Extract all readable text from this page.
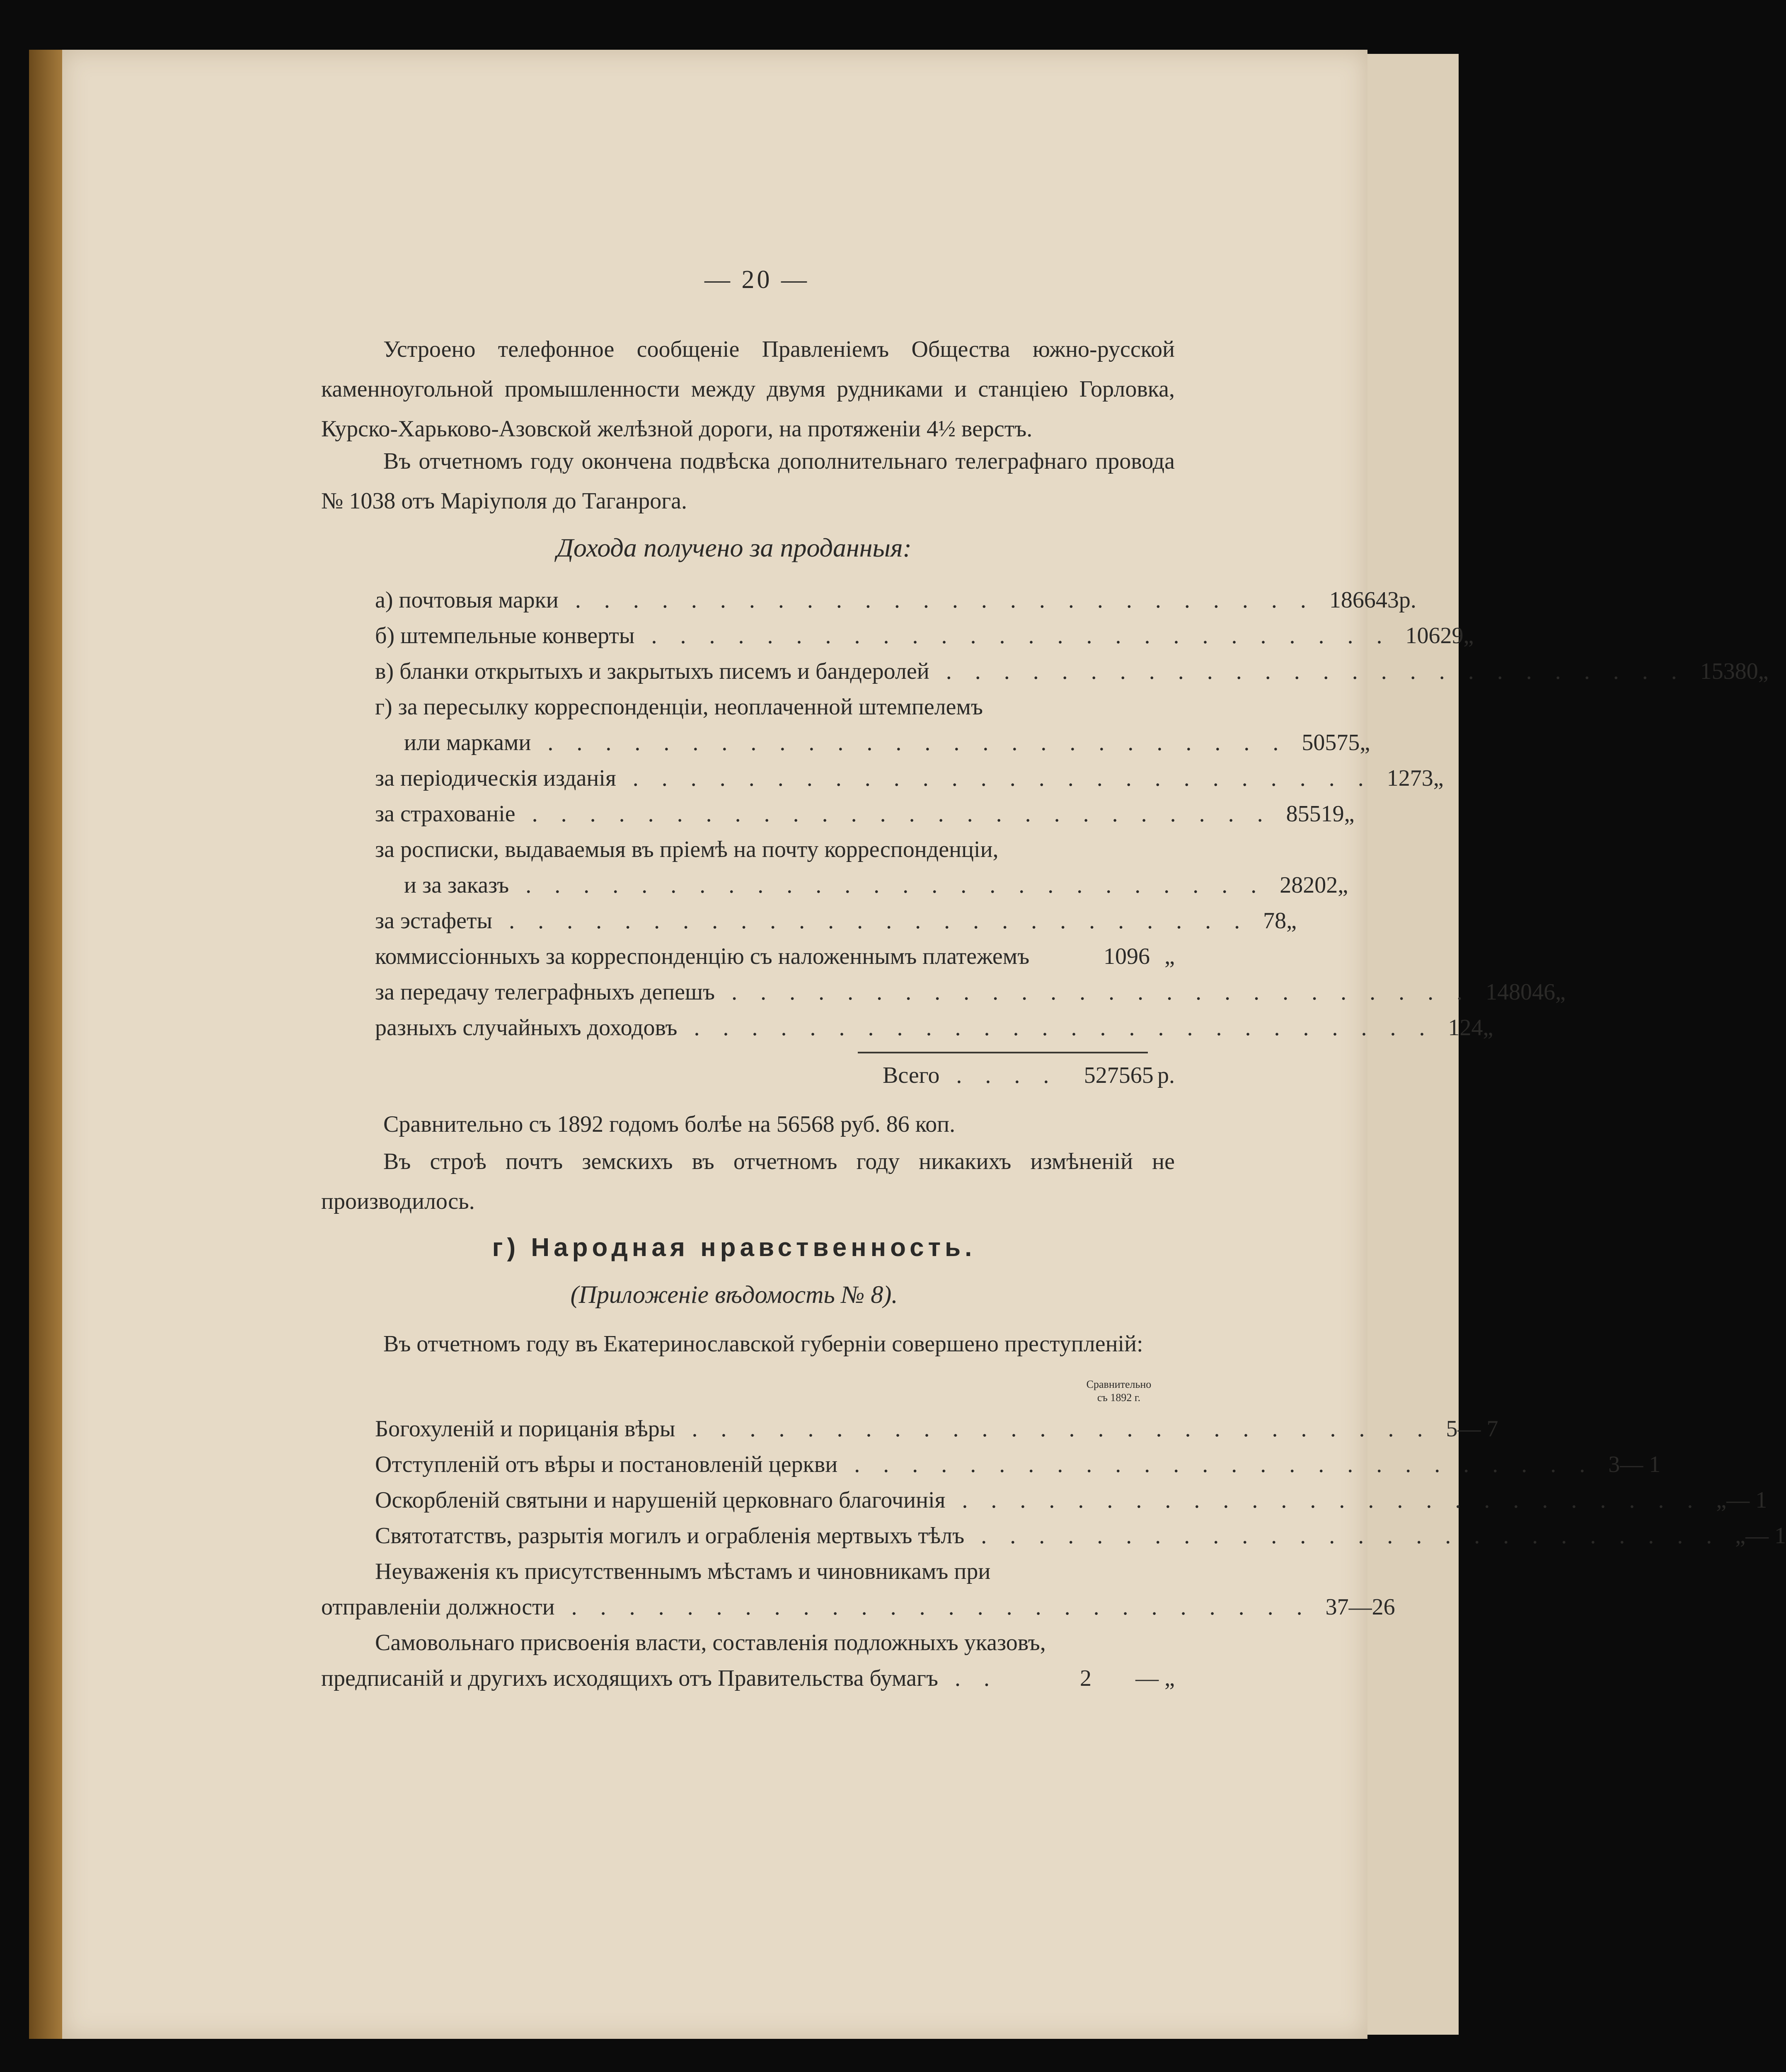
— 20 —

Устроено телефонное сообщеніе Правленіемъ Общества южно-русской каменноугольной промышленности между двумя рудниками и станціею Горловка, Курско-Харьково-Азовской желѣзной дороги, на протяженіи 4½ верстъ.

Въ отчетномъ году окончена подвѣска дополнительнаго телеграфнаго провода № 1038 отъ Маріуполя до Таганрога.

Дохода получено за проданныя:

а) почтовыя марки .......................... 186643 р.
б) штемпельные конверты .......................... 10629 „
в) бланки открытыхъ и закрытыхъ писемъ и бандеролей .......................... 15380 „
г) за пересылку корреспонденціи, неоплаченной штемпелемъ
или марками .......................... 50575 „
за періодическія изданія .......................... 1273 „
за страхованіе .......................... 85519 „
за росписки, выдаваемыя въ пріемѣ на почту корреспонденціи,
и за заказъ .......................... 28202 „
за эстафеты .......................... 78 „
коммиссіонныхъ за корреспонденцію съ наложеннымъ платежемъ	1096 „
за передачу телеграфныхъ депешъ .......................... 148046 „
разныхъ случайныхъ доходовъ .......................... 124 „
Всего .... 527565 р.

Сравнительно съ 1892 годомъ болѣе на 56568 руб. 86 коп.

Въ строѣ почтъ земскихъ въ отчетномъ году никакихъ измѣненій не производилось.

г) Народная нравственность.

(Приложеніе вѣдомость № 8).

Въ отчетномъ году въ Екатеринославской губерніи совершено преступленій:

Сравнительно
съ 1892 г.
Богохуленій и порицанія вѣры .......................... 5 — 7
Отступленій отъ вѣры и постановленій церкви .......................... 3 — 1
Оскорбленій святыни и нарушеній церковнаго благочинія .......................... „ — 1
Святотатствъ, разрытія могилъ и ограбленія мертвыхъ тѣлъ .......................... „ — 1
Неуваженія къ присутственнымъ мѣстамъ и чиновникамъ при
отправленіи должности .......................... 37 —26
Самовольнаго присвоенія власти, составленія подложныхъ указовъ,
предписаній и другихъ исходящихъ отъ Правительства бумагъ ..	2	— „
